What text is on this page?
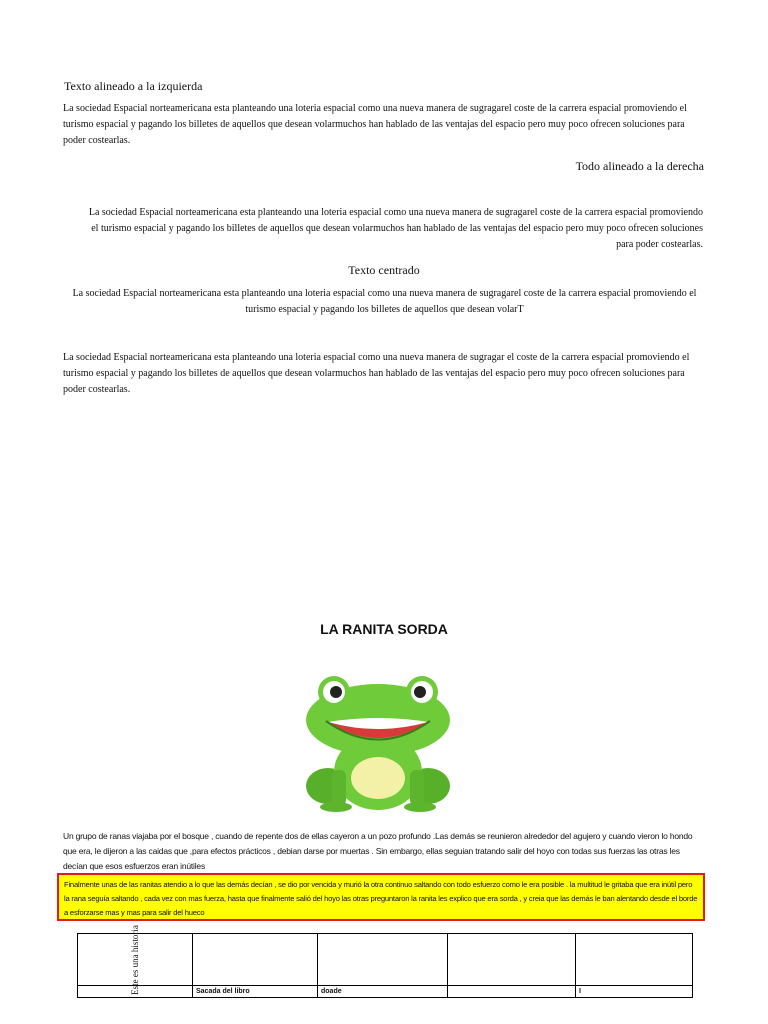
Texto alineado a la izquierda

La sociedad Espacial norteamericana esta planteando una loteria espacial como una nueva manera de sugragarel coste de la carrera espacial promoviendo el turismo espacial y pagando los billetes de aquellos que desean volarmuchos han hablado de las ventajas del espacio pero muy poco ofrecen soluciones para poder costearlas.

Todo alineado a la derecha

La sociedad Espacial norteamericana esta planteando una loteria espacial como una nueva manera de sugragarel coste de la carrera espacial promoviendo el turismo espacial y pagando los billetes de aquellos que desean volarmuchos han hablado de las ventajas del espacio pero muy poco ofrecen soluciones para poder costearlas.

Texto centrado

La sociedad Espacial norteamericana esta planteando una loteria espacial como una nueva manera de sugragarel coste de la carrera espacial promoviendo el turismo espacial y pagando los billetes de aquellos que desean volarT

La sociedad Espacial norteamericana esta planteando una loteria espacial como una nueva manera de sugragar el coste de la carrera espacial promoviendo el turismo espacial y pagando los billetes de aquellos que desean volarmuchos han hablado de las ventajas del espacio pero muy poco ofrecen soluciones para poder costearlas.

LA RANITA SORDA

Un grupo de ranas viajaba por el bosque , cuando de repente dos de ellas cayeron a un pozo profundo .Las demás se reunieron alrededor del agujero y cuando vieron lo hondo que era, le dijeron a las caidas que ,para efectos prácticos , debian darse por muertas . Sin embargo, ellas seguian tratando salir del hoyo con todas sus fuerzas las otras les decían que esos esfuerzos eran inútiles

Finalmente unas de las ranitas atendio a lo que las demás decían , se dio por vencida y murió la otra continuo saltando con todo esfuerzo como le era posible . la multitud le gritaba que era inútil pero la rana seguía saltando , cada vez con mas fuerza, hasta que finalmente salió del hoyo las otras preguntaron la ranita les explico que era sorda , y creia que las demás le ban alentando desde el borde a esforzarse mas y mas para salir del hueco

Este es una historia				

	Sacada del libro	doade		I
